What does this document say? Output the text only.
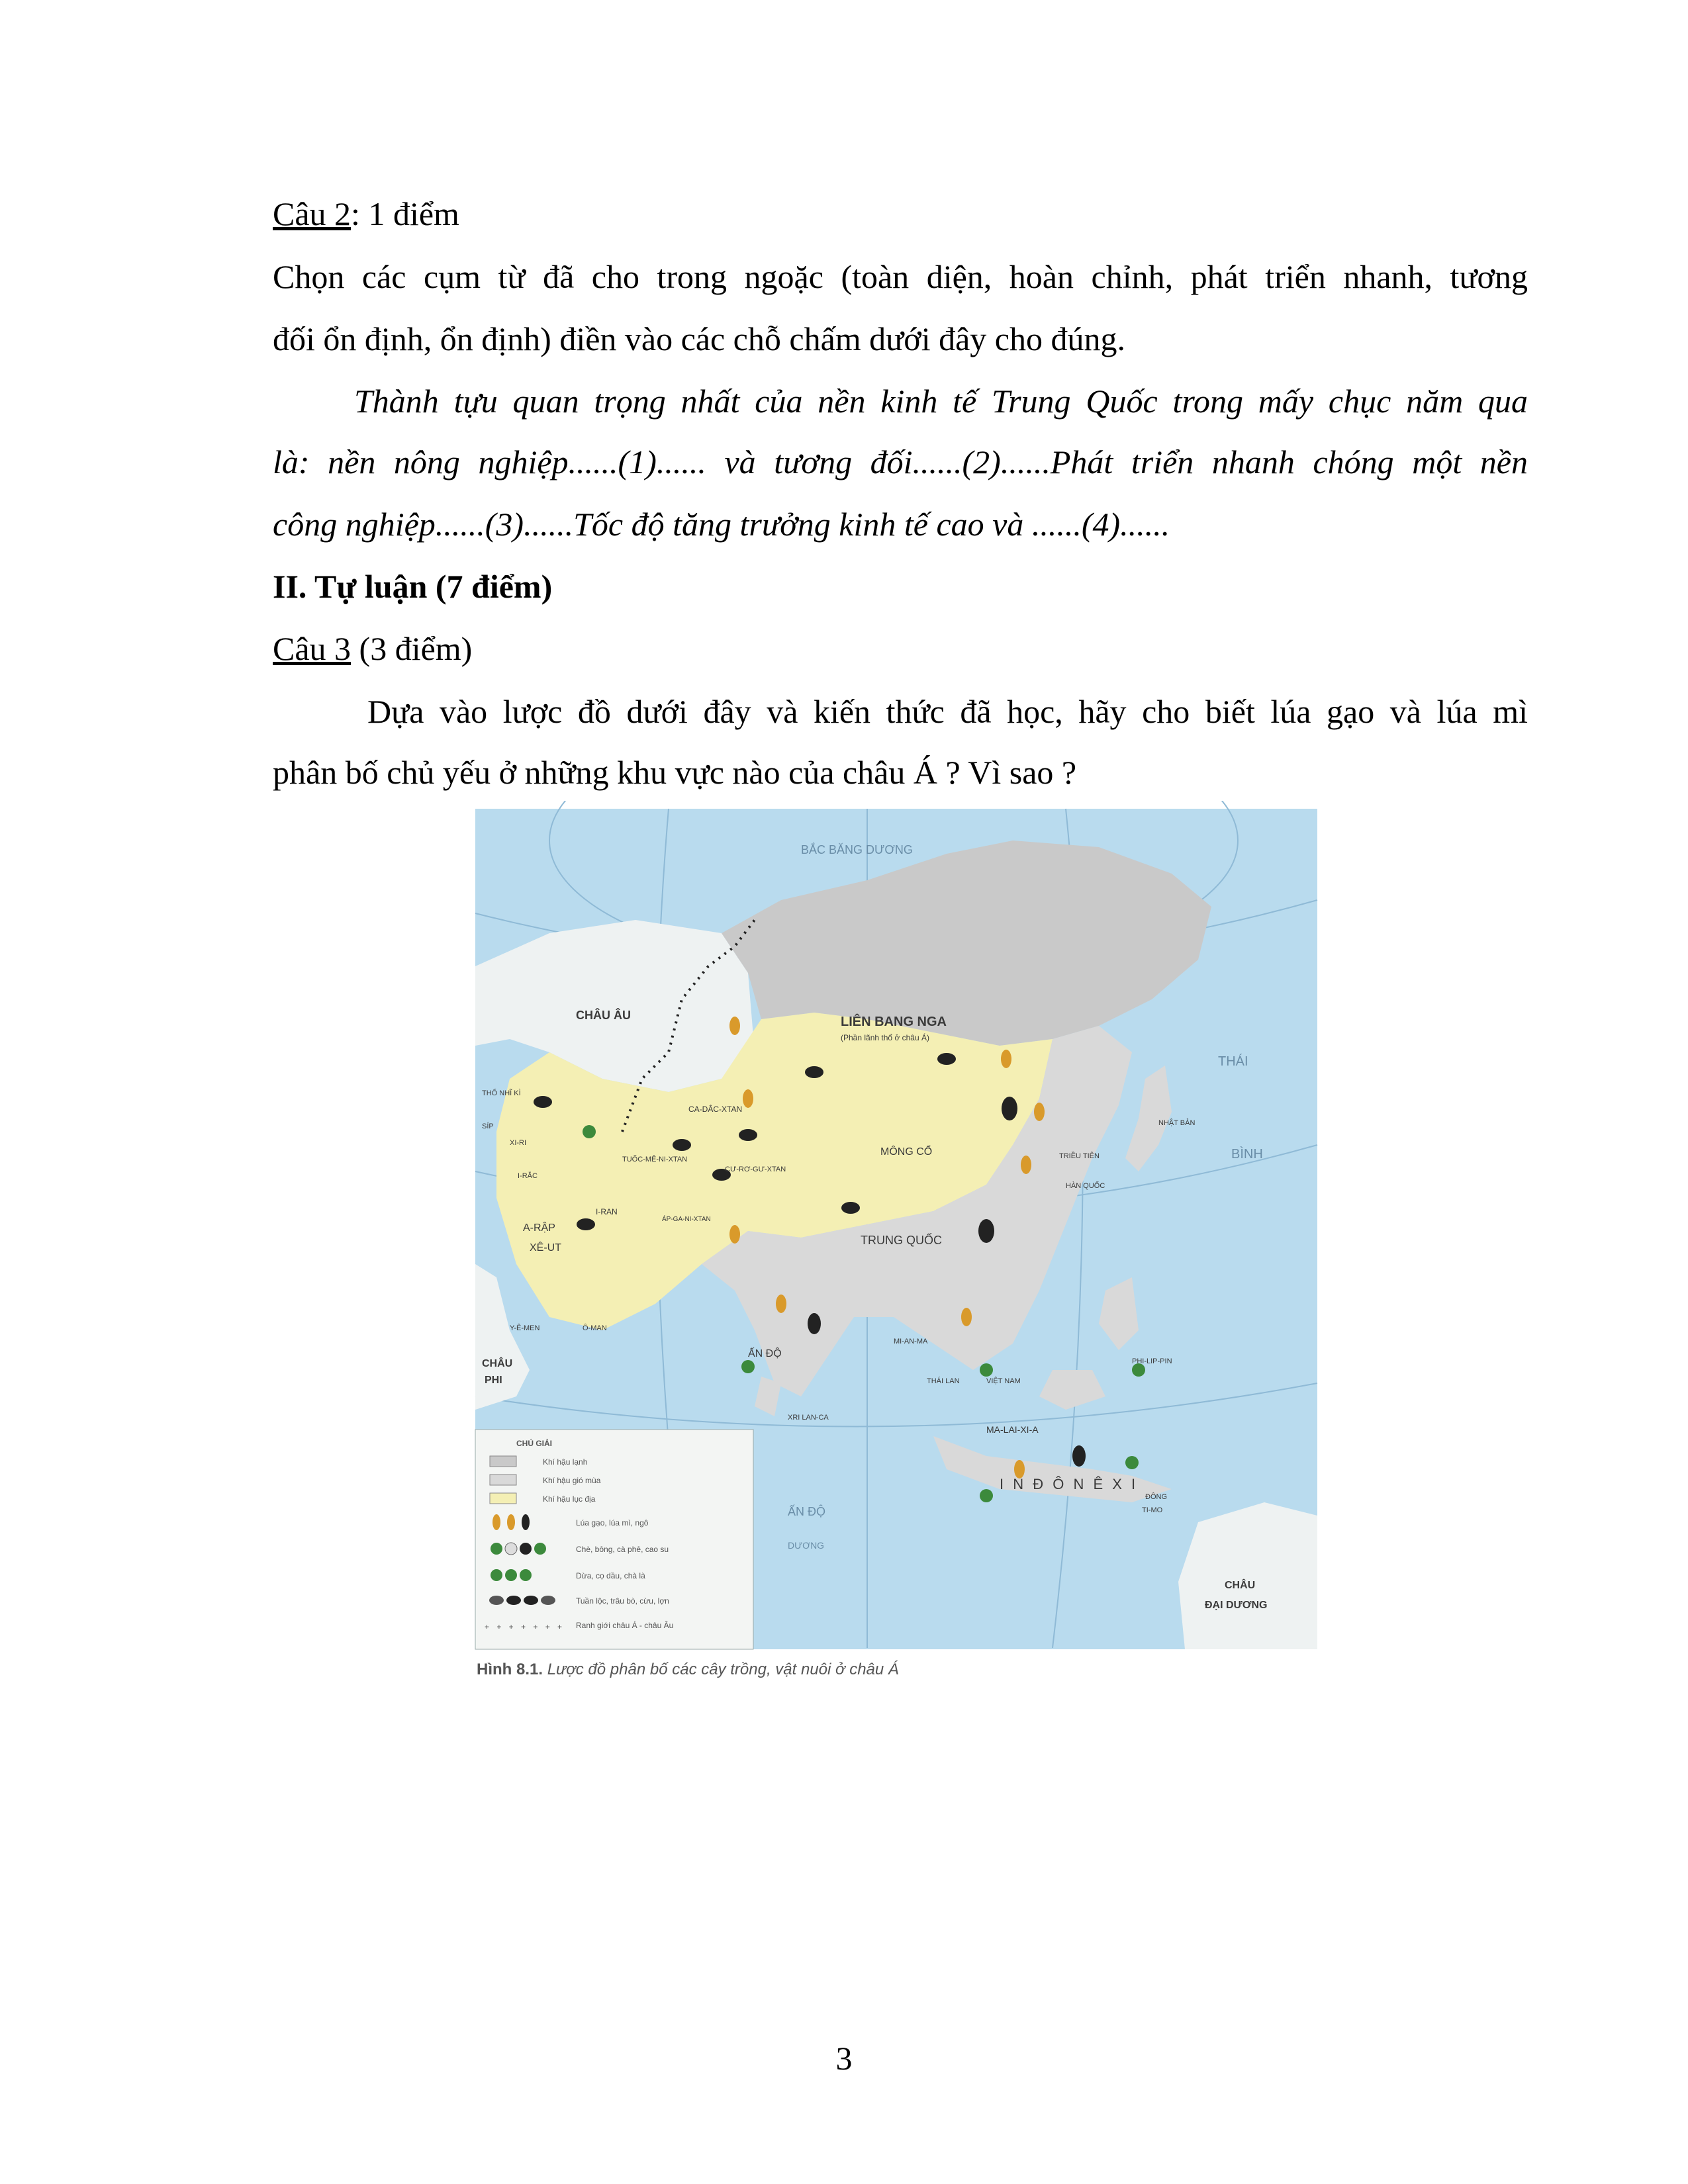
Câu 2: 1 điểm
Chọn các cụm từ đã cho trong ngoặc (toàn diện, hoàn chỉnh, phát triển nhanh, tương
đối ổn định, ổn định) điền vào các chỗ chấm dưới đây cho đúng.
Thành tựu quan trọng nhất của nền kinh tế Trung Quốc trong mấy chục năm qua
là: nền nông nghiệp......(1)...... và tương đối......(2)......Phát triển nhanh chóng một nền
công nghiệp......(3)......Tốc độ tăng trưởng kinh tế cao và ......(4)......
II. Tự luận (7 điểm)
Câu 3 (3 điểm)
Dựa vào lược đồ dưới đây và kiến thức đã học, hãy cho biết lúa gạo và lúa mì
phân bố chủ yếu ở những khu vực nào của châu Á ? Vì sao ?
BẮC BĂNG DƯƠNG
CHÂU ÂU	LIÊN BANG NGA
(Phần lãnh thổ ở châu Á)
THÁI
BÌNH
THỔ NHĨ KÌ
SÍP
XI-RI
I-RẮC
CA-DẮC-XTAN
TUỐC-MÊ-NI-XTAN
CƯ-RƠ-GƯ-XTAN
MÔNG CỔ	TRIỀU TIÊN
HÀN QUỐC
NHẬT BẢN
I-RAN
ÁP-GA-NI-XTAN
TRUNG QUỐC
A-RẬP
XÊ-UT
Y-Ê-MEN	Ô-MAN
ẤN ĐỘ
MI-AN-MA
THÁI LAN	VIỆT NAM
PHI-LIP-PIN
CHÂU
PHI
XRI LAN-CA
ẤN ĐỘ
DƯƠNG
MA-LAI-XI-A
I N Đ Ô N Ê X I
ĐÔNG
TI-MO
CHÂU
ĐẠI DƯƠNG
CHÚ GIẢI
Khí hậu lạnh
Khí hậu gió mùa
Khí hậu lục địa
Lúa gạo, lúa mì, ngô
Chè, bông, cà phê, cao su
Dừa, cọ dầu, chà là
Tuần lộc, trâu bò, cừu, lợn
+ + + + + + + Ranh giới châu Á - châu Âu
Hình 8.1. Lược đồ phân bố các cây trồng, vật nuôi ở châu Á
3
